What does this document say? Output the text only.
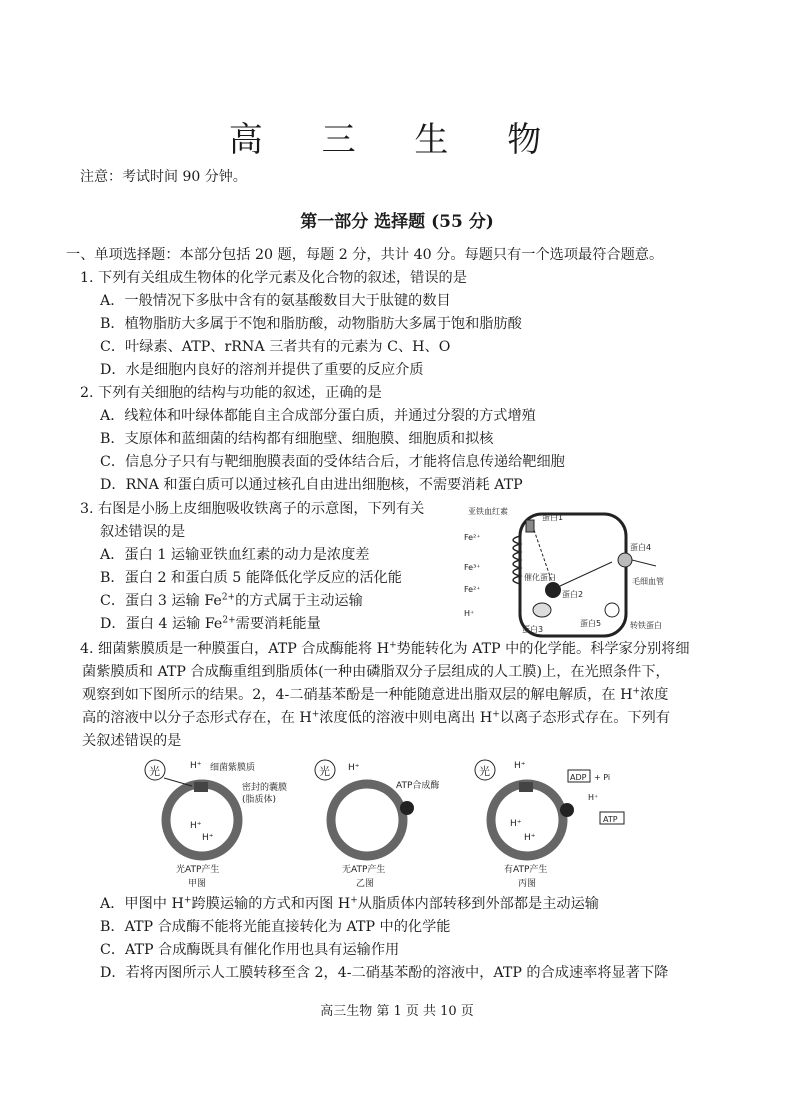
高 三 生 物
注意：考试时间 90 分钟。
第一部分 选择题 (55 分)
一、单项选择题：本部分包括 20 题，每题 2 分，共计 40 分。每题只有一个选项最符合题意。
1. 下列有关组成生物体的化学元素及化合物的叙述，错误的是
A．一般情况下多肽中含有的氨基酸数目大于肽键的数目
B．植物脂肪大多属于不饱和脂肪酸，动物脂肪大多属于饱和脂肪酸
C．叶绿素、ATP、rRNA 三者共有的元素为 C、H、O
D．水是细胞内良好的溶剂并提供了重要的反应介质
2. 下列有关细胞的结构与功能的叙述，正确的是
A．线粒体和叶绿体都能自主合成部分蛋白质，并通过分裂的方式增殖
B．支原体和蓝细菌的结构都有细胞壁、细胞膜、细胞质和拟核
C．信息分子只有与靶细胞膜表面的受体结合后，才能将信息传递给靶细胞
D．RNA 和蛋白质可以通过核孔自由进出细胞核，不需要消耗 ATP
3. 右图是小肠上皮细胞吸收铁离子的示意图，下列有关
叙述错误的是
A．蛋白 1 运输亚铁血红素的动力是浓度差
B．蛋白 2 和蛋白质 5 能降低化学反应的活化能
C．蛋白 3 运输 $Fe^{2+}$的方式属于主动运输
D．蛋白 4 运输 $Fe^{2+}$需要消耗能量
亚铁血红素
蛋白1
催化蛋白
蛋白2
蛋白3
蛋白4
蛋白5
Fe²⁺
Fe³⁺
Fe²⁺
H⁺
毛细血管
转铁蛋白
4. 细菌紫膜质是一种膜蛋白，ATP 合成酶能将 H+势能转化为 ATP 中的化学能。科学家分别将细
菌紫膜质和 ATP 合成酶重组到脂质体(一种由磷脂双分子层组成的人工膜)上，在光照条件下，
观察到如下图所示的结果。2，4-二硝基苯酚是一种能随意进出脂双层的解电解质，在 H+浓度
高的溶液中以分子态形式存在，在 H+浓度低的溶液中则电离出 H+以离子态形式存在。下列有
关叙述错误的是
光	H⁺
H⁺
H⁺
细菌紫膜质
密封的囊膜
(脂质体)
光ATP产生
甲图
光 H⁺
ATP合成酶
无ATP产生
乙图
光	H⁺
H⁺
H⁺
ADP + Pi
H⁺
ATP
有ATP产生
丙图
A．甲图中 H+跨膜运输的方式和丙图 H+从脂质体内部转移到外部都是主动运输
B．ATP 合成酶不能将光能直接转化为 ATP 中的化学能
C．ATP 合成酶既具有催化作用也具有运输作用
D．若将丙图所示人工膜转移至含 2，4-二硝基苯酚的溶液中，ATP 的合成速率将显著下降
高三生物 第 1 页 共 10 页
